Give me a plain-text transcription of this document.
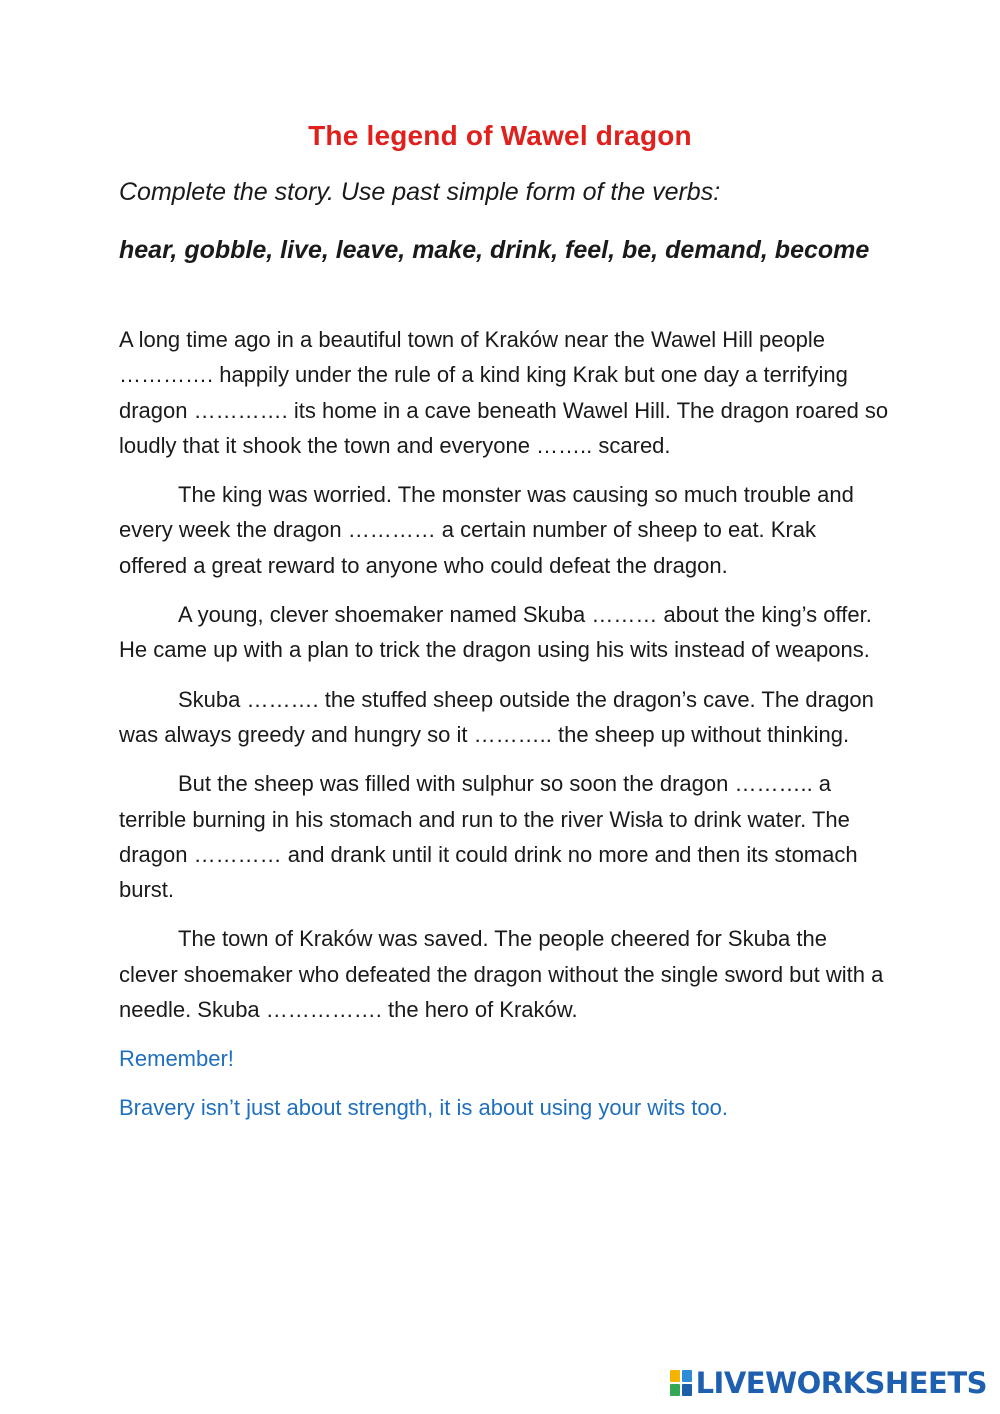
The legend of Wawel dragon
Complete the story. Use past simple form of the verbs:
hear, gobble, live, leave, make, drink, feel, be, demand, become

A long time ago in a beautiful town of Kraków near the Wawel Hill people …………. happily under the rule of a kind king Krak but one day a terrifying dragon …………. its home in a cave beneath Wawel Hill. The dragon roared so loudly that it shook the town and everyone …….. scared.

The king was worried. The monster was causing so much trouble and every week the dragon ………… a certain number of sheep to eat. Krak offered a great reward to anyone who could defeat the dragon.

A young, clever shoemaker named Skuba ……… about the king’s offer. He came up with a plan to trick the dragon using his wits instead of weapons.

Skuba ………. the stuffed sheep outside the dragon’s cave. The dragon was always greedy and hungry so it ……….. the sheep up without thinking.

But the sheep was filled with sulphur so soon the dragon ……….. a terrible burning in his stomach and run to the river Wisła to drink water. The dragon ………… and drank until it could drink no more and then its stomach burst.

The town of Kraków was saved. The people cheered for Skuba the clever shoemaker who defeated the dragon without the single sword but with a needle. Skuba ……………. the hero of Kraków.

Remember!

Bravery isn’t just about strength, it is about using your wits too.

LIVEWORKSHEETS
